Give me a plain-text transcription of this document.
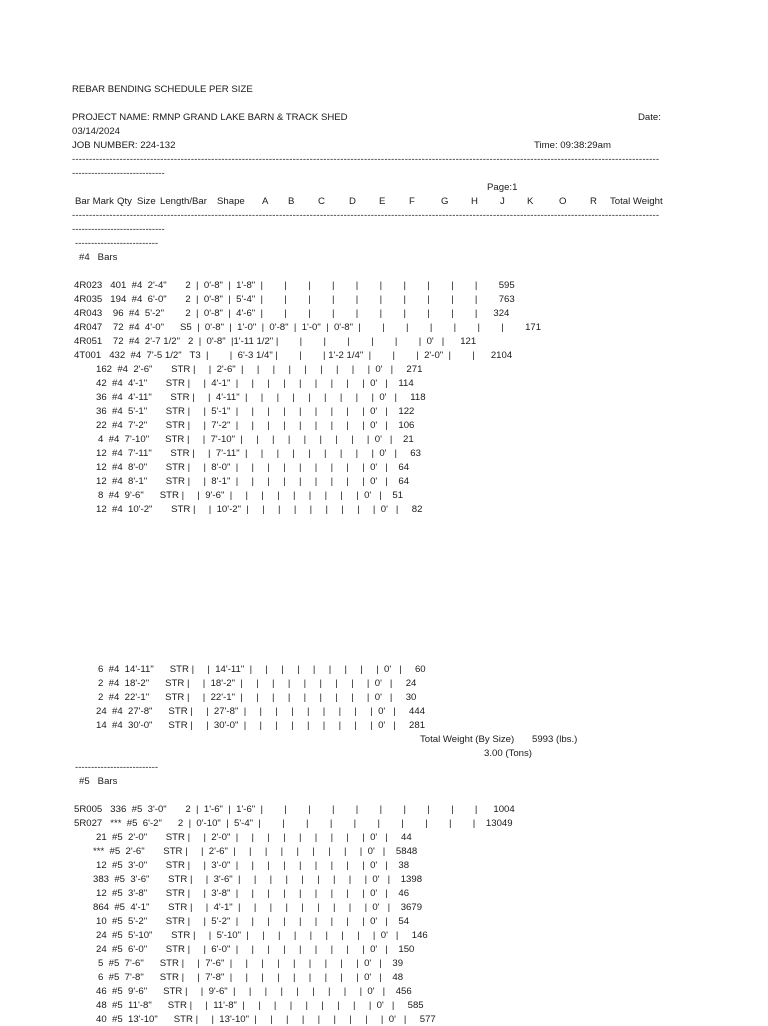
REBAR BENDING SCHEDULE PER SIZE
PROJECT NAME: RMNP GRAND LAKE BARN & TRACK SHED	Date:
03/14/2024
JOB NUMBER: 224-132	Time: 09:38:29am
-----------------------------------------------------------------------------------------------------------------------------------------------------------------------------
-----------------------------
Page:1
Bar Mark Qty Size Length/Bar Shape A B C	D E F	G H J K	O R Total Weight
-----------------------------------------------------------------------------------------------------------------------------------------------------------------------------
-----------------------------
--------------------------
#4   Bars
4R023   401  #4  2'-4"       2  |  0'-8"  |  1'-8"  |        |        |        |        |        |        |        |        |        |        595
4R035   194  #4  6'-0"       2  |  0'-8"  |  5'-4"  |        |        |        |        |        |        |        |        |        |        763
4R043    96  #4  5'-2"        2  |  0'-8"  |  4'-6"  |        |        |        |        |        |        |        |        |        |      324
4R047    72  #4  4'-0"      S5  |  0'-8"  |  1'-0"  |  0'-8"  |  1'-0"  |  0'-8"  |        |        |        |        |        |        |        171
4R051    72  #4  2'-7 1/2"   2  |  0'-8"  |1'-11 1/2" |        |        |        |        |        |        |  0'   |      121
4T001   432  #4  7'-5 1/2"   T3  |        |  6'-3 1/4" |        |        | 1'-2 1/4"  |        |        |  2'-0"  |        |      2104
162  #4  2'-6"       STR |     |  2'-6"  |     |     |     |     |     |     |     |     |  0'   |     271
42  #4  4'-1"       STR |     |  4'-1"  |     |     |     |     |     |     |     |     |  0'   |    114
36  #4  4'-11"       STR |     |  4'-11"  |     |     |     |     |     |     |     |     |  0'   |     118
36  #4  5'-1"       STR |     |  5'-1"  |     |     |     |     |     |     |     |     |  0'   |    122
22  #4  7'-2"       STR |     |  7'-2"  |     |     |     |     |     |     |     |     |  0'   |    106
4  #4  7'-10"      STR |     |  7'-10"  |     |     |     |     |     |     |     |     |  0'   |    21
12  #4  7'-11"       STR |     |  7'-11"  |     |     |     |     |     |     |     |     |  0'   |     63
12  #4  8'-0"       STR |     |  8'-0"  |     |     |     |     |     |     |     |     |  0'   |    64
12  #4  8'-1"       STR |     |  8'-1"  |     |     |     |     |     |     |     |     |  0'   |    64
8  #4  9'-6"      STR |     |  9'-6"  |     |     |     |     |     |     |     |     |  0'   |    51
12  #4  10'-2"       STR |     |  10'-2"  |     |     |     |     |     |     |     |     |  0'   |     82
6  #4  14'-11"      STR |     |  14'-11"  |     |     |     |     |     |     |     |     |  0'   |     60
2  #4  18'-2"      STR |     |  18'-2"  |     |     |     |     |     |     |     |     |  0'   |     24
2  #4  22'-1"      STR |     |  22'-1"  |     |     |     |     |     |     |     |     |  0'   |     30
24  #4  27'-8"      STR |     |  27'-8"  |     |     |     |     |     |     |     |     |  0'   |     444
14  #4  30'-0"      STR |     |  30'-0"  |     |     |     |     |     |     |     |     |  0'   |     281
Total Weight (By Size) 5993 (lbs.)
3.00 (Tons)
--------------------------
#5   Bars
5R005   336  #5  3'-0"       2  |  1'-6"  |  1'-6"  |        |        |        |        |        |        |        |        |        |      1004
5R027   ***  #5  6'-2"      2  |  0'-10"  |  5'-4"  |        |        |        |        |        |        |        |        |        |    13049
21  #5  2'-0"       STR |     |  2'-0"  |     |     |     |     |     |     |     |     |  0'   |     44
***  #5  2'-6"       STR |     |  2'-6"  |     |     |     |     |     |     |     |     |  0'   |    5848
12  #5  3'-0"       STR |     |  3'-0"  |     |     |     |     |     |     |     |     |  0'   |    38
383  #5  3'-6"       STR |     |  3'-6"  |     |     |     |     |     |     |     |     |  0'   |    1398
12  #5  3'-8"       STR |     |  3'-8"  |     |     |     |     |     |     |     |     |  0'   |    46
864  #5  4'-1"       STR |     |  4'-1"  |     |     |     |     |     |     |     |     |  0'   |    3679
10  #5  5'-2"       STR |     |  5'-2"  |     |     |     |     |     |     |     |     |  0'   |    54
24  #5  5'-10"       STR |     |  5'-10"  |     |     |     |     |     |     |     |     |  0'   |     146
24  #5  6'-0"       STR |     |  6'-0"  |     |     |     |     |     |     |     |     |  0'   |    150
5  #5  7'-6"      STR |     |  7'-6"  |     |     |     |     |     |     |     |     |  0'   |    39
6  #5  7'-8"      STR |     |  7'-8"  |     |     |     |     |     |     |     |     |  0'   |    48
46  #5  9'-6"      STR |     |  9'-6"  |     |     |     |     |     |     |     |     |  0'   |    456
48  #5  11'-8"      STR |     |  11'-8"  |     |     |     |     |     |     |     |     |  0'   |     585
40  #5  13'-10"      STR |     |  13'-10"  |     |     |     |     |     |     |     |     |  0'   |     577
